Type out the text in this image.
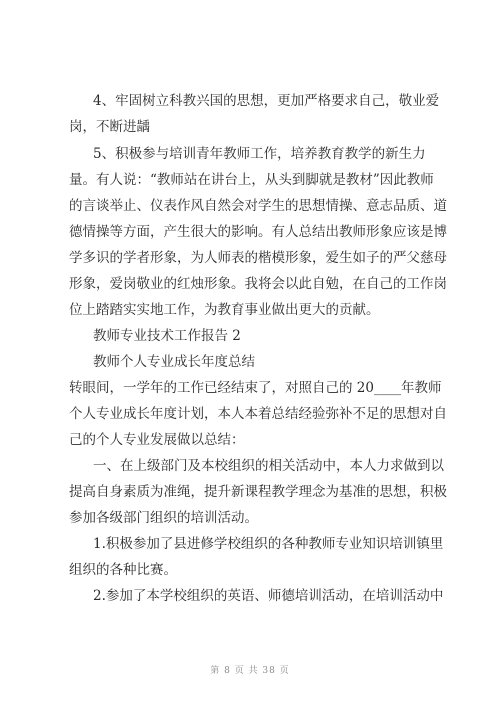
4、牢固树立科教兴国的思想，更加严格要求自己，敬业爱
岗，不断进龋
5、积极参与培训青年教师工作，培养教育教学的新生力
量。有人说：“教师站在讲台上，从头到脚就是教材”因此教师
的言谈举止、仪表作风自然会对学生的思想情操、意志品质、道
德情操等方面，产生很大的影响。有人总结出教师形象应该是博
学多识的学者形象，为人师表的楷模形象，爱生如子的严父慈母
形象，爱岗敬业的红烛形象。我将会以此自勉，在自己的工作岗
位上踏踏实实地工作，为教育事业做出更大的贡献。
教师专业技术工作报告 2
教师个人专业成长年度总结
转眼间，一学年的工作已经结束了，对照自己的 20____年教师
个人专业成长年度计划，本人本着总结经验弥补不足的思想对自
己的个人专业发展做以总结：
一、在上级部门及本校组织的相关活动中，本人力求做到以
提高自身素质为准绳，提升新课程教学理念为基准的思想，积极
参加各级部门组织的培训活动。
1.积极参加了县进修学校组织的各种教师专业知识培训镇里
组织的各种比赛。
2.参加了本学校组织的英语、师德培训活动，在培训活动中
第 8 页 共 38 页
